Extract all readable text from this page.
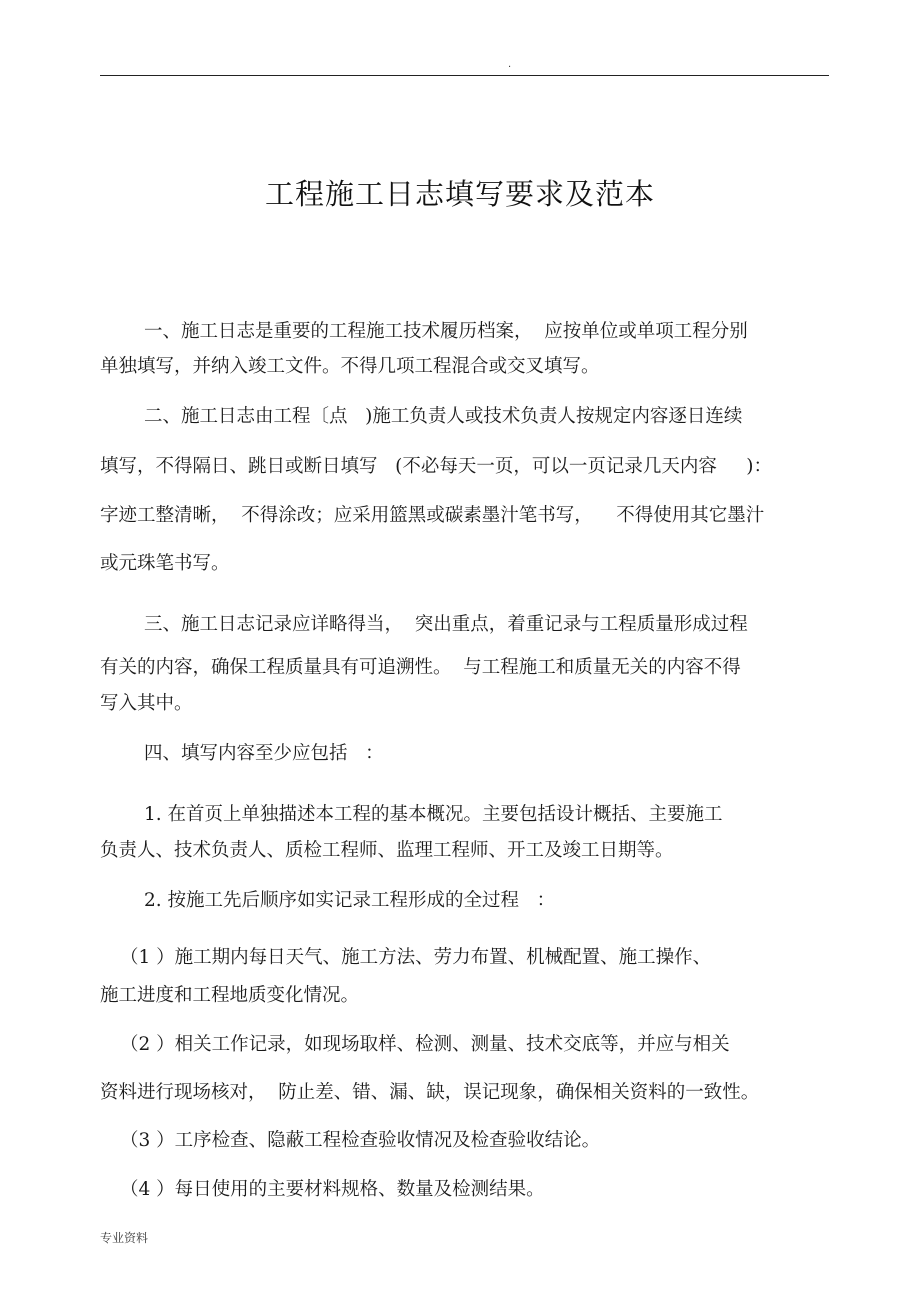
.
工程施工日志填写要求及范本
一、施工日志是重要的工程施工技术履历档案，  应按单位或单项工程分别
单独填写，并纳入竣工文件。不得几项工程混合或交叉填写。
二、施工日志由工程〔点   )施工负责人或技术负责人按规定内容逐日连续
填写，不得隔日、跳日或断日填写   (不必每天一页，可以一页记录几天内容     )：
字迹工整清晰，  不得涂改；应采用篮黑或碳素墨汁笔书写，    不得使用其它墨汁
或元珠笔书写。
三、施工日志记录应详略得当，  突出重点，着重记录与工程质量形成过程
有关的内容，确保工程质量具有可追溯性。  与工程施工和质量无关的内容不得
写入其中。
四、填写内容至少应包括   ：
1. 在首页上单独描述本工程的基本概况。主要包括设计概括、主要施工
负责人、技术负责人、质检工程师、监理工程师、开工及竣工日期等。
2. 按施工先后顺序如实记录工程形成的全过程   ：
（1 ）施工期内每日天气、施工方法、劳力布置、机械配置、施工操作、
施工进度和工程地质变化情况。
（2 ）相关工作记录，如现场取样、检测、测量、技术交底等，并应与相关
资料进行现场核对，  防止差、错、漏、缺，误记现象，确保相关资料的一致性。
（3 ）工序检查、隐蔽工程检查验收情况及检查验收结论。
（4 ）每日使用的主要材料规格、数量及检测结果。
专业资料
